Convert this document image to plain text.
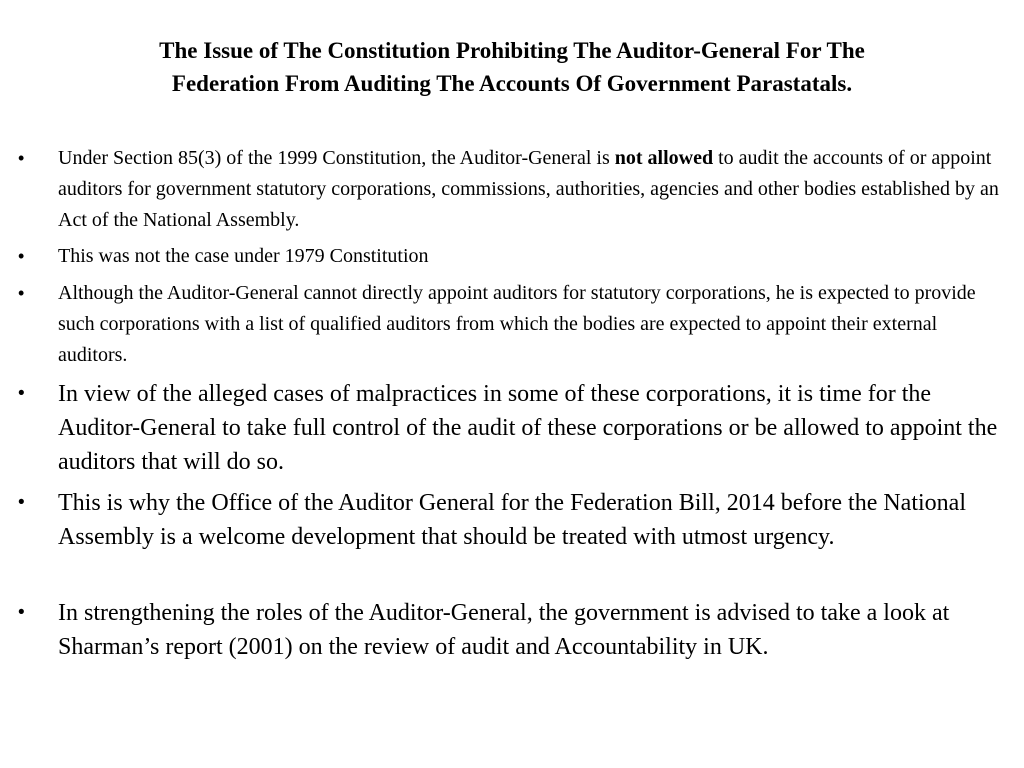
The Issue of The Constitution Prohibiting The Auditor-General For The
Federation From Auditing The Accounts Of Government Parastatals.
• Under Section 85(3) of the 1999 Constitution, the Auditor-General is not allowed to audit the accounts of or appoint auditors for government statutory corporations, commissions, authorities, agencies and other bodies established by an Act of the National Assembly.
• This was not the case under 1979 Constitution
• Although the Auditor-General cannot directly appoint auditors for statutory corporations, he is expected to provide such corporations with a list of qualified auditors from which the bodies are expected to appoint their external auditors.
• In view of the alleged cases of malpractices in some of these corporations, it is time for the Auditor-General to take full control of the audit of these corporations or be allowed to appoint the auditors that will do so.
• This is why the Office of the Auditor General for the Federation Bill, 2014 before the National Assembly is a welcome development that should be treated with utmost urgency.
• In strengthening the roles of the Auditor-General, the government is advised to take a look at Sharman’s report (2001) on the review of audit and Accountability in UK.
